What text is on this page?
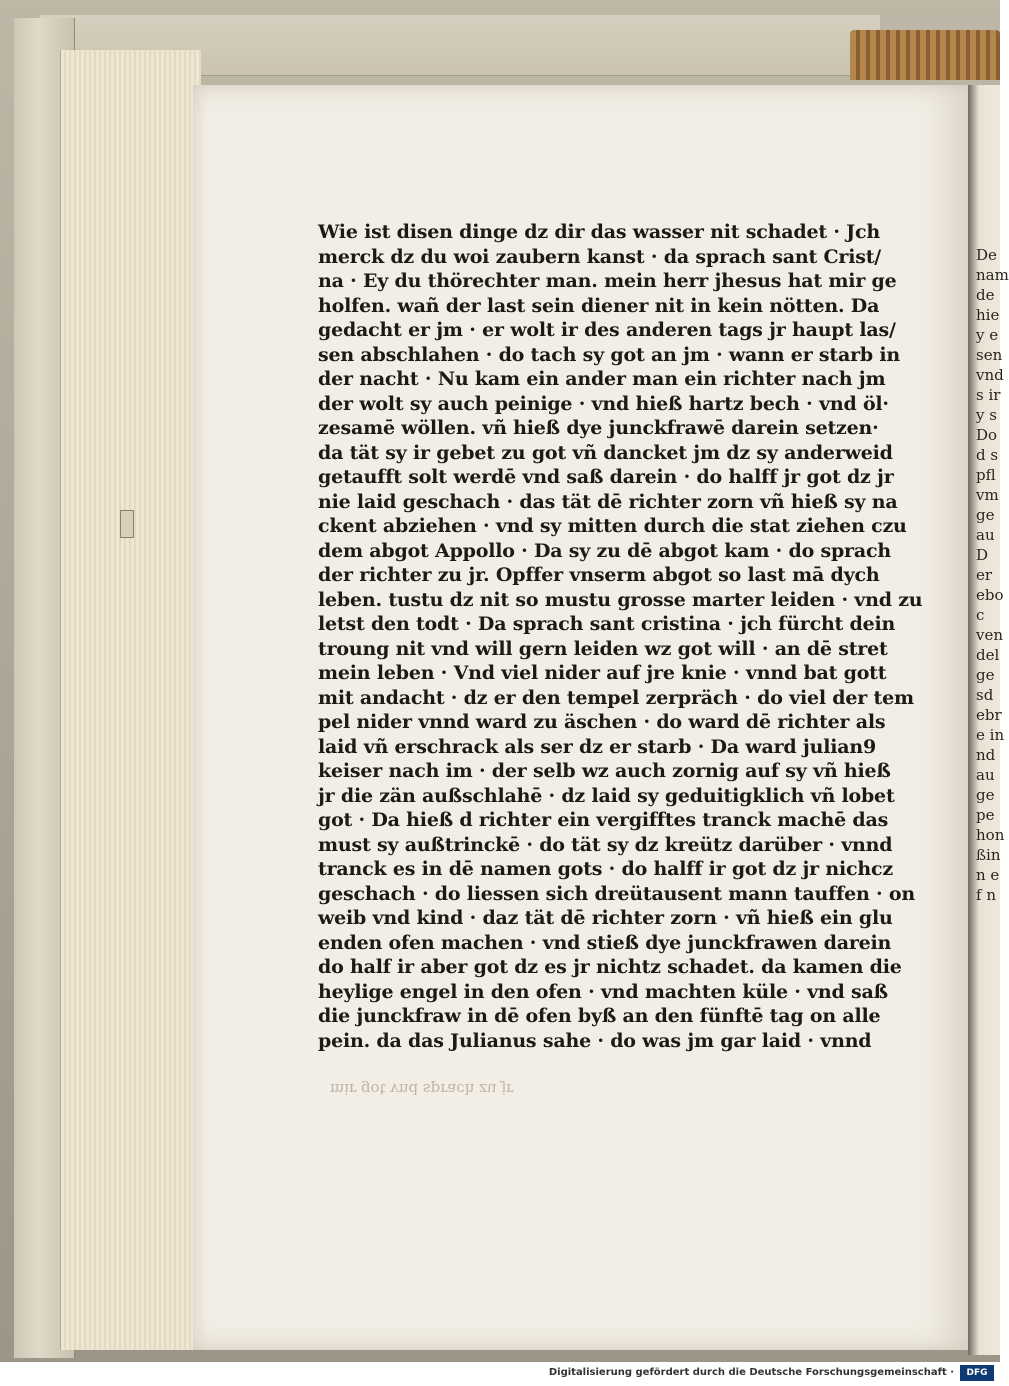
Wie ist disen dinge dz dir das wasser nit schadet · Jch
merck dz du woi zaubern kanst · da sprach sant Crist/
na · Ey du thörechter man. mein herr jhesus hat mir ge
holfen. wañ der last sein diener nit in kein nötten. Da
gedacht er jm · er wolt ir des anderen tags jr haupt las/
sen abschlahen · do tach sy got an jm · wann er starb in
der nacht · Nu kam ein ander man ein richter nach jm
der wolt sy auch peinige · vnd hieß hartz bech · vnd öl·
zesamē wöllen. vñ hieß dye junckfrawē darein setzen·
da tät sy ir gebet zu got vñ dancket jm dz sy anderweid
getaufft solt werdē vnd saß darein · do halff jr got dz jr
nie laid geschach · das tät dē richter zorn vñ hieß sy na
ckent abziehen · vnd sy mitten durch die stat ziehen czu
dem abgot Appollo · Da sy zu dē abgot kam · do sprach
der richter zu jr. Opffer vnserm abgot so last mā dych
leben. tustu dz nit so mustu grosse marter leiden · vnd zu
letst den todt · Da sprach sant cristina · jch fürcht dein
troung nit vnd will gern leiden wz got will · an dē stret
mein leben · Vnd viel nider auf jre knie · vnnd bat gott
mit andacht · dz er den tempel zerpräch · do viel der tem
pel nider vnnd ward zu äschen · do ward dē richter als
laid vñ erschrack als ser dz er starb · Da ward julian9
keiser nach im · der selb wz auch zornig auf sy vñ hieß
jr die zän außschlahē · dz laid sy geduitigklich vñ lobet
got · Da hieß d richter ein vergifftes tranck machē das
must sy außtrinckē · do tät sy dz kreütz darüber · vnnd
tranck es in dē namen gots · do halff ir got dz jr nichcz
geschach · do liessen sich dreütausent mann tauffen · on
weib vnd kind · daz tät dē richter zorn · vñ hieß ein glu
enden ofen machen · vnd stieß dye junckfrawen darein
do half ir aber got dz es jr nichtz schadet. da kamen die
heylige engel in den ofen · vnd machten küle · vnd saß
die junckfraw in dē ofen byß an den fünftē tag on alle
pein. da das Julianus sahe · do was jm gar laid · vnnd
mir got vnd sprach zu jr
De
nam
de
hie
y e
sen
vnd
s ir
y s
Do
d s
pfl
vm
ge
au
D
er
ebo
c
ven
del
ge
sd
ebr
e in
nd
au
ge
pe
hon
ßin
n e
f n
Digitalisierung gefördert durch die Deutsche Forschungsgemeinschaft ·	DFG
